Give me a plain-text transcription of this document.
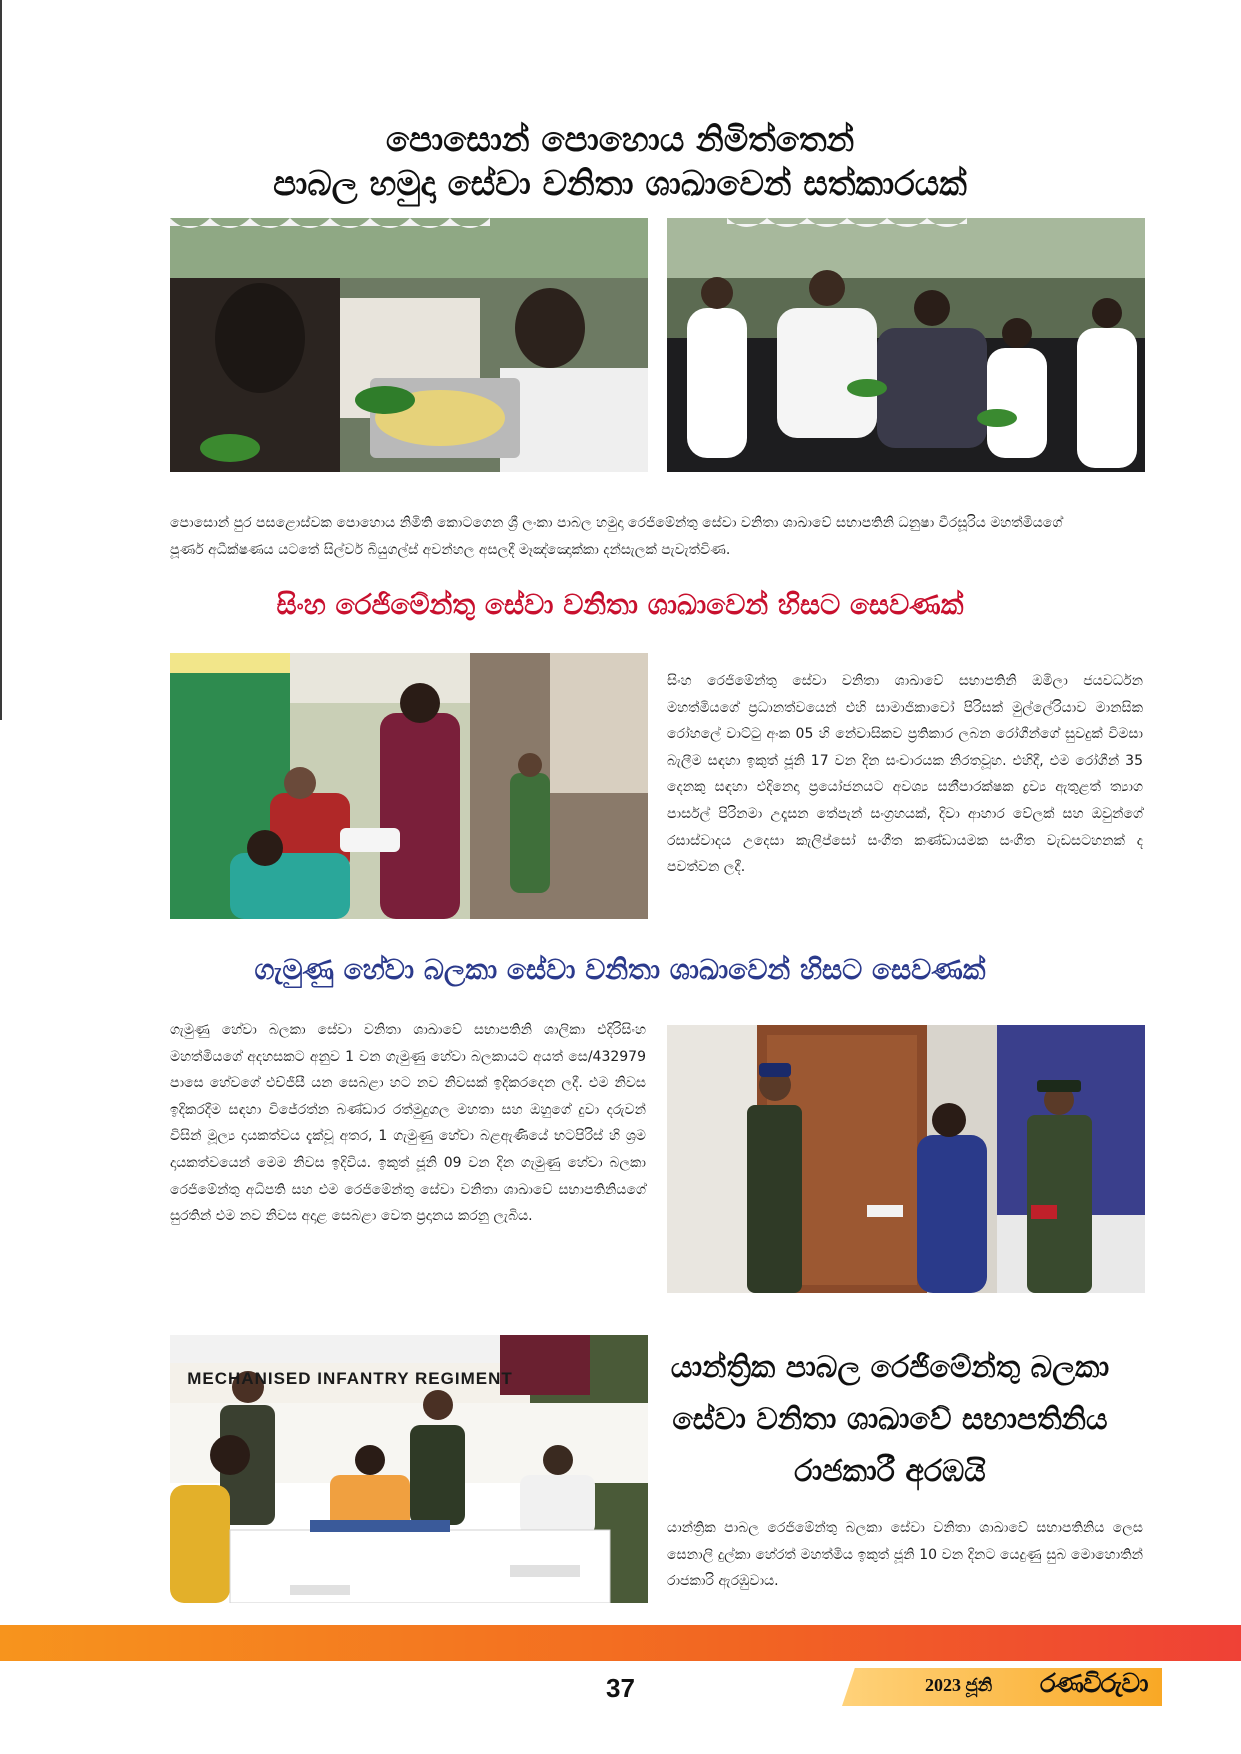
පොසොන් පොහොය නිමිත්තෙන්
පාබල හමුදා සේවා වනිතා ශාඛාවෙන් සත්කාරයක්
පොසොන් පුර පසළොස්වක පොහොය නිමිති කොටගෙන ශ්‍රී ලංකා පාබල හමුදා රෙජිමේන්තු සේවා වනිතා ශාඛාවේ සභාපතිනි ධනුෂා වීරසූරිය මහත්මියගේ පූර්ණ අධීක්ෂණය යටතේ සිල්වර් බියුගල්ස් අවන්හල අසලදී මෑඤ්ඤොක්කා දන්සැලක් පැවැත්විණ.
සිංහ රෙජිමේන්තු සේවා වනිතා ශාඛාවෙන් හිසට සෙවණක්
සිංහ රෙජිමේන්තු සේවා වනිතා ශාඛාවේ සභාපතිනි ඔමිලා ජයවර්ධන මහත්මියගේ ප්‍රධානත්වයෙන් එහි සාමාජිකාවෝ පිරිසක් මුල්ලේරියාව මානසික රෝහලේ වාට්ටු අංක 05 හි නේවාසිකව ප්‍රතිකාර ලබන රෝගීන්ගේ සුවදුක් විමසා බැලීම සඳහා ඉකුත් ජූනි 17 වන දින සංචාරයක නිරතවූහ. එහිදී, එම රෝගීන් 35 දෙනකු සඳහා එදිනෙදා ප්‍රයෝජනයට අවශ්‍ය සනීපාරක්ෂක ද්‍රව්‍ය ඇතුළත් ත්‍යාග පාර්සල් පිරිනමා උදෑසන තේපැන් සංග්‍රහයක්, දිවා ආහාර වේලක් සහ ඔවුන්ගේ රසාස්වාදය උදෙසා කැලිප්සෝ සංගීත කණ්ඩායමක සංගීත වැඩසටහනක් ද පවත්වන ලදී.
ගැමුණු හේවා බලකා සේවා වනිතා ශාඛාවෙන් හිසට සෙවණක්
ගැමුණු හේවා බලකා සේවා වනිතා ශාඛාවේ සභාපතිනි ශාලිකා එදිරිසිංහ මහත්මියගේ අදහසකට අනුව 1 වන ගැමුණු හේවා බලකායට අයත් සෙ/432979 පාසෙ හේවගේ එච්ජීසී යන සෙබළා හට නව නිවසක් ඉදිකරදෙන ලදී. එම නිවස ඉදිකරදීම සඳහා විජේරත්න බණ්ඩාර රත්මුදුගල මහතා සහ ඔහුගේ දුවා දරුවන් විසින් මූල්‍ය දායකත්වය දැක්වූ අතර, 1 ගැමුණු හේවා බළඇණියේ භටපිරිස් හි ශ්‍රම දායකත්වයෙන් මෙම නිවස ඉදිවිය. ඉකුත් ජූනි 09 වන දින ගැමුණු හේවා බලකා රෙජිමේන්තු අධිපති සහ එම රෙජිමේන්තු සේවා වනිතා ශාඛාවේ සභාපතිනියගේ සුරතින් එම නව නිවස අදාළ සෙබළා වෙත ප්‍රදානය කරනු ලැබිය.
MECHANISED INFANTRY REGIMENT	යාන්ත්‍රික පාබල රෙජිමේන්තු බලකා
සේවා වනිතා ශාඛාවේ සභාපතිනිය
රාජකාරී අරඹයි
යාන්ත්‍රික පාබල රෙජිමේන්තු බලකා සේවා වනිතා ශාඛාවේ සභාපතිනිය ලෙස සෙනාලි දුල්කා හේරත් මහත්මිය ඉකුත් ජූනි 10 වන දිනට යෙදුණු සුබ මොහොතින් රාජකාරි ඇරඹුවාය.
37	2023 ජූනි රණවිරුවා
